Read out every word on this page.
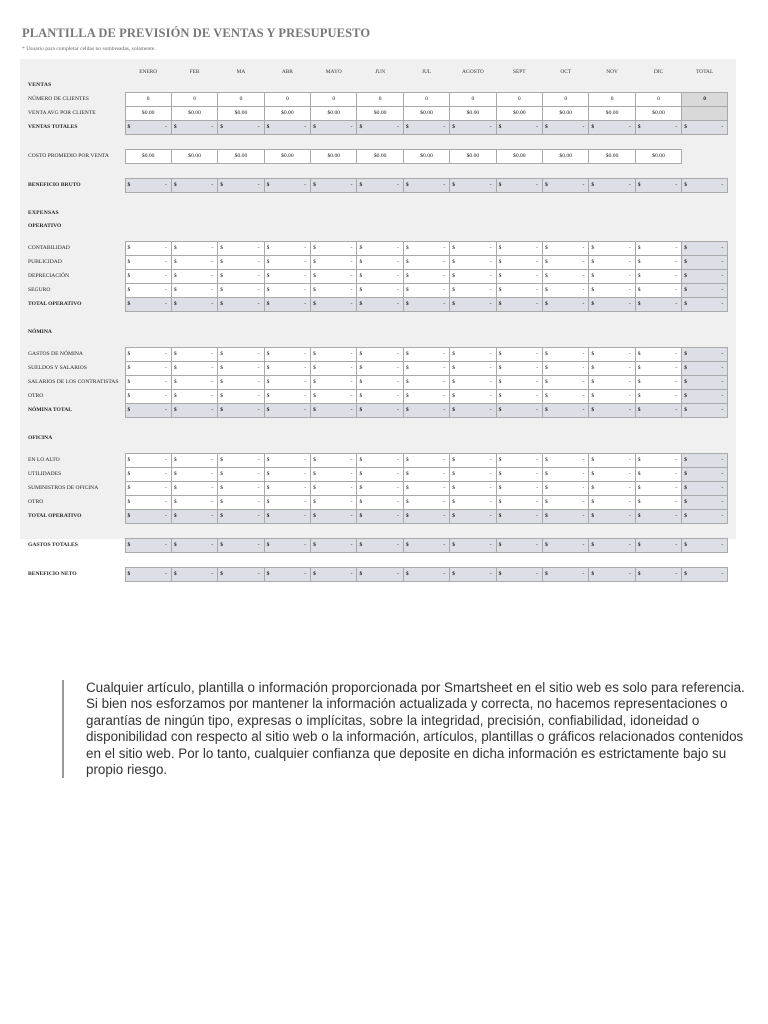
PLANTILLA DE PREVISIÓN DE VENTAS Y PRESUPUESTO
* Usuario para completar celdas no sombreadas, solamente.
	ENERO	FEB	MA	ABR	MAYO	JUN	JUL	AGOSTO	SEPT	OCT	NOV	DIC	TOTAL
VENTAS													
NÚMERO DE CLIENTES	0	0	0	0	0	0	0	0	0	0	0	0	0
VENTA AVG POR CLIENTE	$0.00	$0.00	$0.00	$0.00	$0.00	$0.00	$0.00	$0.00	$0.00	$0.00	$0.00	$0.00	
VENTAS TOTALES	$ -	$ -	$ -	$ -	$ -	$ -	$ -	$ -	$ -	$ -	$ -	$ -	$ -

COSTO PROMEDIO POR VENTA	$0.00	$0.00	$0.00	$0.00	$0.00	$0.00	$0.00	$0.00	$0.00	$0.00	$0.00	$0.00	

BENEFICIO BRUTO	$ -	$ -	$ -	$ -	$ -	$ -	$ -	$ -	$ -	$ -	$ -	$ -	$ -

EXPENSAS													
OPERATIVO													

CONTABILIDAD	$ -	$ -	$ -	$ -	$ -	$ -	$ -	$ -	$ -	$ -	$ -	$ -	$ -

PUBLICIDAD	$ -	$ -	$ -	$ -	$ -	$ -	$ -	$ -	$ -	$ -	$ -	$ -	$ -

DEPRECIACIÓN	$ -	$ -	$ -	$ -	$ -	$ -	$ -	$ -	$ -	$ -	$ -	$ -	$ -

SEGURO	$ -	$ -	$ -	$ -	$ -	$ -	$ -	$ -	$ -	$ -	$ -	$ -	$ -

TOTAL OPERATIVO	$ -	$ -	$ -	$ -	$ -	$ -	$ -	$ -	$ -	$ -	$ -	$ -	$ -

NÓMINA													

GASTOS DE NÓMINA	$ -	$ -	$ -	$ -	$ -	$ -	$ -	$ -	$ -	$ -	$ -	$ -	$ -

SUELDOS Y SALARIOS	$ -	$ -	$ -	$ -	$ -	$ -	$ -	$ -	$ -	$ -	$ -	$ -	$ -

SALARIOS DE LOS CONTRATISTAS	$ -	$ -	$ -	$ -	$ -	$ -	$ -	$ -	$ -	$ -	$ -	$ -	$ -

OTRO	$ -	$ -	$ -	$ -	$ -	$ -	$ -	$ -	$ -	$ -	$ -	$ -	$ -

NÓMINA TOTAL	$ -	$ -	$ -	$ -	$ -	$ -	$ -	$ -	$ -	$ -	$ -	$ -	$ -

OFICINA													

EN LO ALTO	$ -	$ -	$ -	$ -	$ -	$ -	$ -	$ -	$ -	$ -	$ -	$ -	$ -

UTILIDADES	$ -	$ -	$ -	$ -	$ -	$ -	$ -	$ -	$ -	$ -	$ -	$ -	$ -

SUMINISTROS DE OFICINA	$ -	$ -	$ -	$ -	$ -	$ -	$ -	$ -	$ -	$ -	$ -	$ -	$ -

OTRO	$ -	$ -	$ -	$ -	$ -	$ -	$ -	$ -	$ -	$ -	$ -	$ -	$ -

TOTAL OPERATIVO	$ -	$ -	$ -	$ -	$ -	$ -	$ -	$ -	$ -	$ -	$ -	$ -	$ -

GASTOS TOTALES	$ -	$ -	$ -	$ -	$ -	$ -	$ -	$ -	$ -	$ -	$ -	$ -	$ -

BENEFICIO NETO	$ -	$ -	$ -	$ -	$ -	$ -	$ -	$ -	$ -	$ -	$ -	$ -	$ -
Cualquier artículo, plantilla o información proporcionada por Smartsheet en el sitio web es solo para referencia. Si bien nos esforzamos por mantener la información actualizada y correcta, no hacemos representaciones o garantías de ningún tipo, expresas o implícitas, sobre la integridad, precisión, confiabilidad, idoneidad o disponibilidad con respecto al sitio web o la información, artículos, plantillas o gráficos relacionados contenidos en el sitio web. Por lo tanto, cualquier confianza que deposite en dicha información es estrictamente bajo su propio riesgo.
